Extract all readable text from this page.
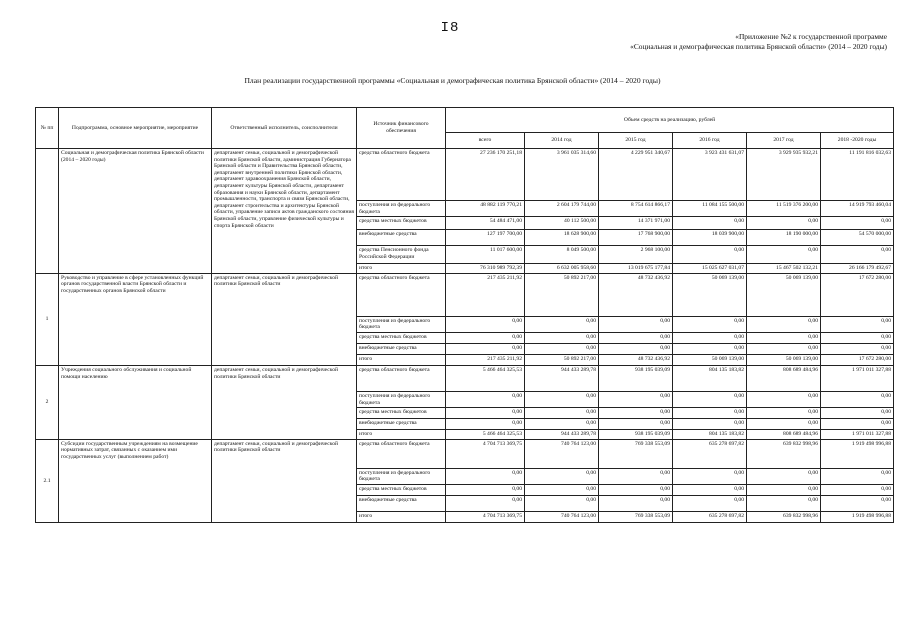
I8
«Приложение №2 к государственной программе
«Социальная и демографическая политика Брянской области» (2014 – 2020 годы)
План реализации государственной программы «Социальная и демографическая политика Брянской области» (2014 – 2020 годы)
№ пп	Подпрограмма, основное мероприятие, мероприятие	Ответственный исполнитель, соисполнители	Источник финансового обеспечения	Объем средств на реализацию, рублей					
				всего	2014 год	2015 год	2016 год	2017 год	2018 -2020 годы
	Социальная и демографическая политика Брянской области (2014 – 2020 годы)	департамент семьи, социальной и демографической политики Брянской области, администрация Губернатора Брянской области и Правительства Брянской области, департамент внутренней политики Брянской области, департамент здравоохранения Брянской области, департамент культуры Брянской области, департамент образования и науки Брянской области, департамент промышленности, транспорта и связи Брянской области, департамент строительства и архитектуры Брянской области, управление записи актов гражданского состояния Брянской области, управление физической культуры и спорта Брянской области	средства областного бюджета	27 236 170 251,18	3 961 035 314,60	4 229 951 340,67	3 923 431 631,07	3 929 935 932,21	11 191 816 032,63
			поступления из федерального бюджета	48 882 119 770,21	2 604 179 744,00	8 754 614 866,17	11 084 155 500,00	11 519 376 200,00	14 919 793 460,04
			средства местных бюджетов	54 484 471,00	40 112 500,00	14 371 971,00	0,00	0,00	0,00
			внебюджетные средства	127 197 700,00	18 628 900,00	17 768 900,00	18 039 900,00	18 190 000,00	54 570 000,00
			средства Пенсионного фонда Российской Федерации	11 017 600,00	8 049 500,00	2 968 100,00	0,00	0,00	0,00
			итого	76 310 989 792,39	6 632 005 958,60	13 019 675 177,84	15 025 627 031,07	15 467 502 132,21	26 166 179 492,67
1	Руководство и управление в сфере установленных функций органов государственной власти Брянской области и государственных органов Брянской области	департамент семьи, социальной и демографической политики Брянской области	средства областного бюджета	217 435 211,92	50 892 217,00	48 732 436,92	50 069 139,00	50 069 139,00	17 672 280,00
			поступления из федерального бюджета	0,00	0,00	0,00	0,00	0,00	0,00
			средства местных бюджетов	0,00	0,00	0,00	0,00	0,00	0,00
			внебюджетные средства	0,00	0,00	0,00	0,00	0,00	0,00
			итого	217 435 211,92	50 892 217,00	48 732 436,92	50 069 139,00	50 069 139,00	17 672 280,00
2	Учреждения социального обслуживания и социальной помощи населению	департамент семьи, социальной и демографической политики Брянской области	средства областного бюджета	5 466 464 325,53	944 433 289,78	938 195 039,09	804 135 183,82	808 689 484,96	1 971 011 327,88
			поступления из федерального бюджета	0,00	0,00	0,00	0,00	0,00	0,00
			средства местных бюджетов	0,00	0,00	0,00	0,00	0,00	0,00
			внебюджетные средства	0,00	0,00	0,00	0,00	0,00	0,00
			итого	5 466 464 325,53	944 433 289,78	938 195 039,09	804 135 183,82	808 689 484,96	1 971 011 327,88
2.1	Субсидии государственным учреждениям на возмещение нормативных затрат, связанных с оказанием ими государственных услуг (выполнением работ)	департамент семьи, социальной и демографической политики Брянской области	средства областного бюджета	4 704 713 369,75	740 764 123,00	769 338 553,09	635 278 697,82	639 832 998,96	1 919 498 996,88
			поступления из федерального бюджета	0,00	0,00	0,00	0,00	0,00	0,00
			средства местных бюджетов	0,00	0,00	0,00	0,00	0,00	0,00
			внебюджетные средства	0,00	0,00	0,00	0,00	0,00	0,00
			итого	4 704 713 369,75	740 764 123,00	769 338 553,09	635 278 697,82	639 832 998,96	1 919 498 996,88
